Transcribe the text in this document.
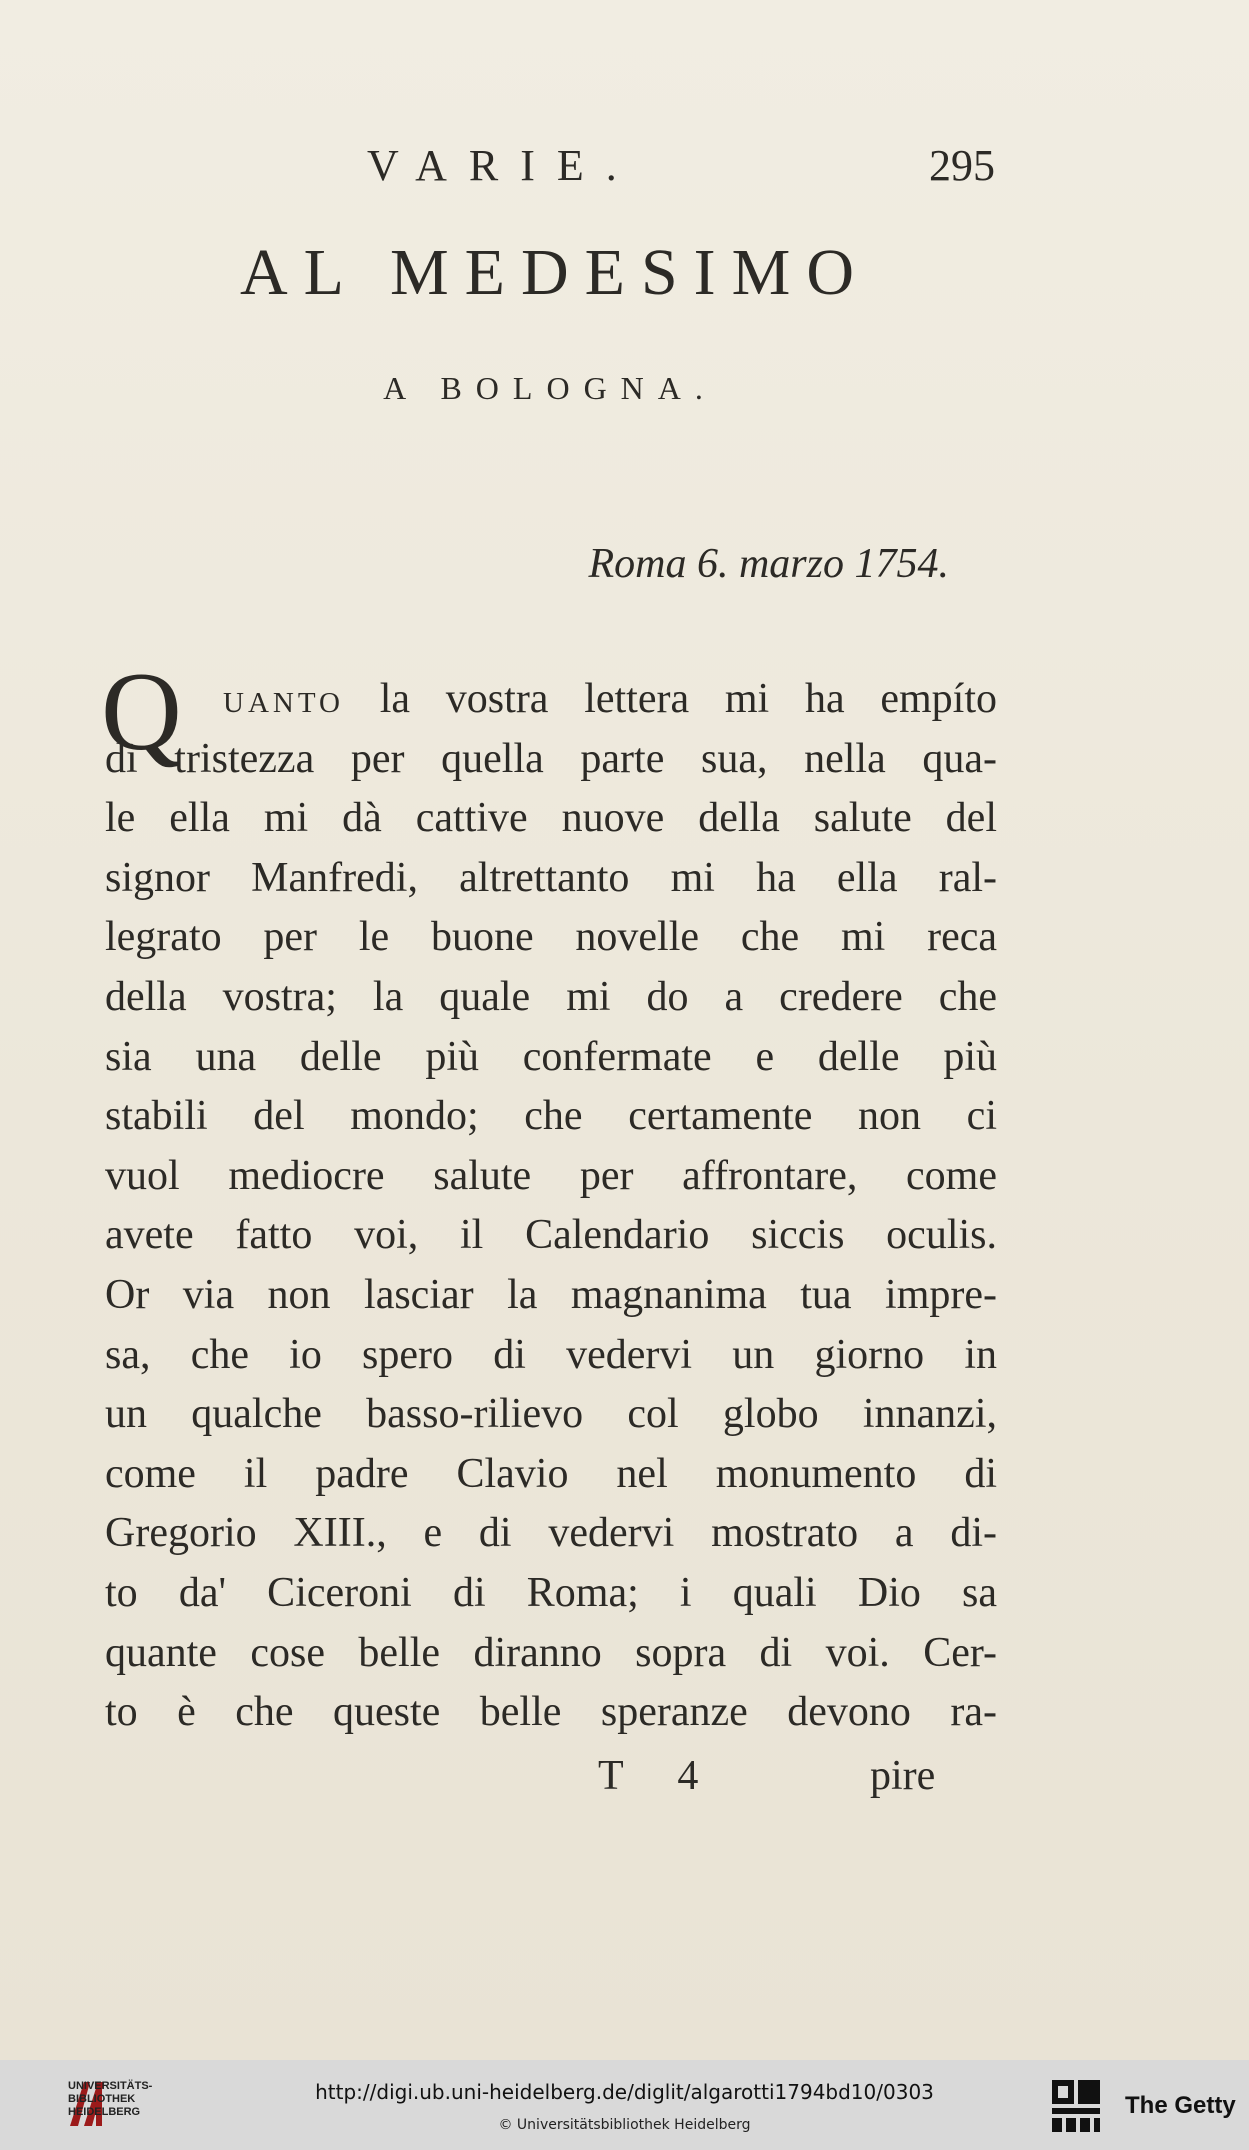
VARIE.	295
AL MEDESIMO
A BOLOGNA.
Roma 6. marzo 1754.
Q uanto la vostra lettera mi ha empíto
di tristezza per quella parte sua, nella qua-
le ella mi dà cattive nuove della salute del
signor Manfredi, altrettanto mi ha ella ral-
legrato per le buone novelle che mi reca
della vostra; la quale mi do a credere che
sia una delle più confermate e delle più
stabili del mondo; che certamente non ci
vuol mediocre salute per affrontare, come
avete fatto voi, il Calendario siccis oculis.
Or via non lasciar la magnanima tua impre-
sa, che io spero di vedervi un giorno in
un qualche basso-rilievo col globo innanzi,
come il padre Clavio nel monumento di
Gregorio XIII., e di vedervi mostrato a di-
to da' Ciceroni di Roma; i quali Dio sa
quante cose belle diranno sopra di voi. Cer-
to è che queste belle speranze devono ra-
T 4	pire
UNIVERSITÄTS- BIBLIOTHEK HEIDELBERG
http://digi.ub.uni-heidelberg.de/diglit/algarotti1794bd10/0303
© Universitätsbibliothek Heidelberg
The Getty
